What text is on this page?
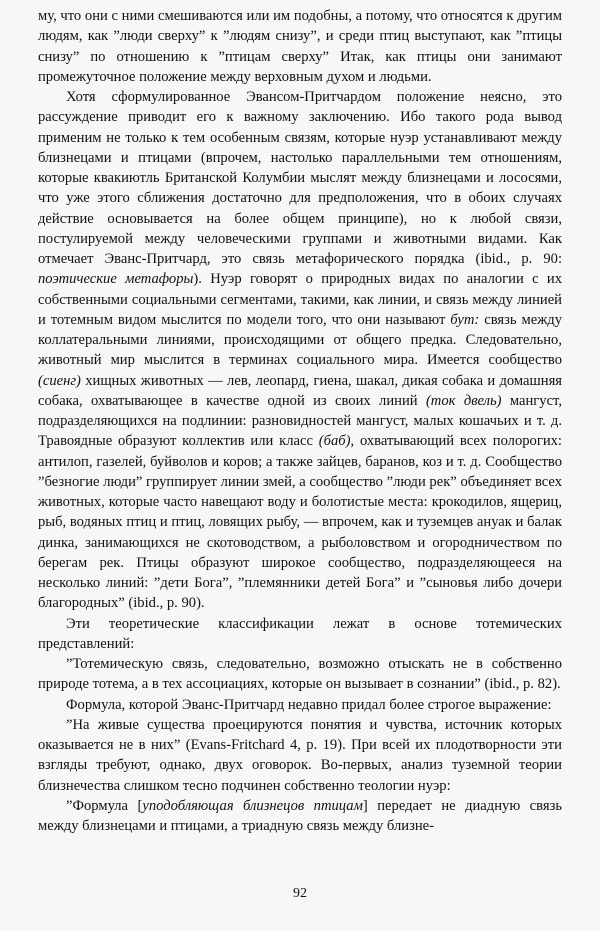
му, что они с ними смешиваются или им подобны, а потому, что относятся к другим людям, как ”люди сверху” к ”людям снизу”, и среди птиц выступают, как ”птицы снизу” по отношению к ”птицам сверху” Итак, как птицы они занимают промежуточное положение между верховным духом и людьми.

Хотя сформулированное Эвансом-Притчардом положение неясно, это рассуждение приводит его к важному заключению. Ибо такого рода вывод применим не только к тем особенным связям, которые нуэр устанавливают между близнецами и птицами (впрочем, настолько параллельными тем отношениям, которые квакиютль Британской Колумбии мыслят между близнецами и лососями, что уже этого сближения достаточно для предположения, что в обоих случаях действие основывается на более общем принципе), но к любой связи, постулируемой между человеческими группами и животными видами. Как отмечает Эванс-Притчард, это связь метафорического порядка (ibid., p. 90: поэтические метафоры). Нуэр говорят о природных видах по аналогии с их собственными социальными сегментами, такими, как линии, и связь между линией и тотемным видом мыслится по модели того, что они называют бут: связь между коллатеральными линиями, происходящими от общего предка. Следовательно, животный мир мыслится в терминах социального мира. Имеется сообщество (сиенг) хищных животных — лев, леопард, гиена, шакал, дикая собака и домашняя собака, охватывающее в качестве одной из своих линий (ток двель) мангуст, подразделяющихся на подлинии: разновидностей мангуст, малых кошачьих и т. д. Травоядные образуют коллектив или класс (баб), охватывающий всех полорогих: антилоп, газелей, буйволов и коров; а также зайцев, баранов, коз и т. д. Сообщество ”безногие люди” группирует линии змей, а сообщество ”люди рек” объединяет всех животных, которые часто навещают воду и болотистые места: крокодилов, ящериц, рыб, водяных птиц и птиц, ловящих рыбу, — впрочем, как и туземцев ануак и балак динка, занимающихся не скотоводством, а рыболовством и огородничеством по берегам рек. Птицы образуют широкое сообщество, подразделяющееся на несколько линий: ”дети Бога”, ”племянники детей Бога” и ”сыновья либо дочери благородных” (ibid., p. 90).

Эти теоретические классификации лежат в основе тотемических представлений:

”Тотемическую связь, следовательно, возможно отыскать не в собственно природе тотема, а в тех ассоциациях, которые он вызывает в сознании” (ibid., p. 82).

Формула, которой Эванс-Притчард недавно придал более строгое выражение:

”На живые существа проецируются понятия и чувства, источник которых оказывается не в них” (Evans-Fritchard 4, p. 19). При всей их плодотворности эти взгляды требуют, однако, двух оговорок. Во-первых, анализ туземной теории близнечества слишком тесно подчинен собственно теологии нуэр:

”Формула [уподобляющая близнецов птицам] передает не диадную связь между близнецами и птицами, а триадную связь между близне-

92
